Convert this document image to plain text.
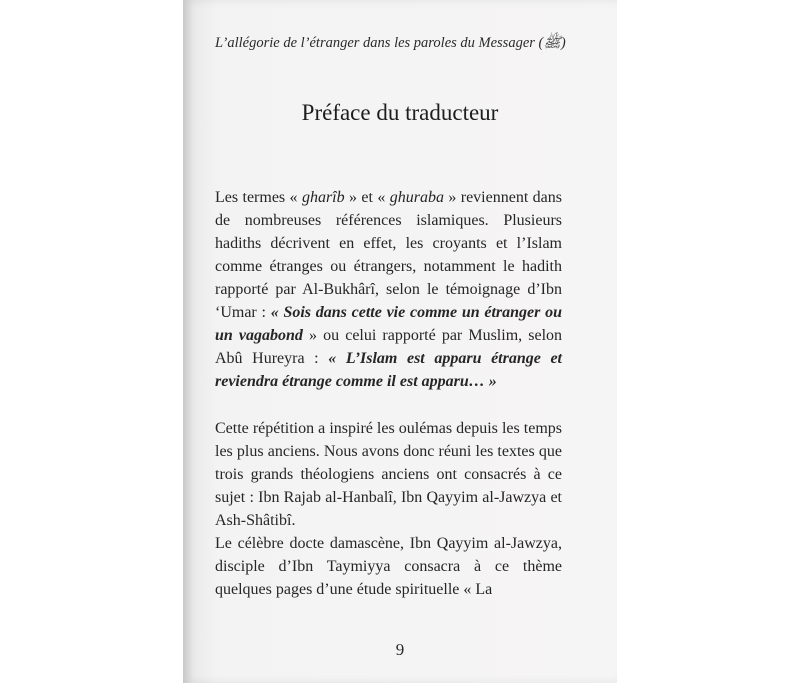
L’allégorie de l’étranger dans les paroles du Messager (ﷺ)
Préface du traducteur

Les termes « gharîb » et « ghuraba » reviennent dans de nombreuses références islamiques. Plusieurs hadiths décrivent en effet, les croyants et l’Islam comme étranges ou étrangers, notamment le hadith rapporté par Al-Bukhârî, selon le témoignage d’Ibn ‘Umar : « Sois dans cette vie comme un étranger ou un vagabond » ou celui rapporté par Muslim, selon Abû Hureyra : « L’Islam est apparu étrange et reviendra étrange comme il est apparu… »

Cette répétition a inspiré les oulémas depuis les temps les plus anciens. Nous avons donc réuni les textes que trois grands théologiens anciens ont consacrés à ce sujet : Ibn Rajab al-Hanbalî, Ibn Qayyim al-Jawzya et Ash-Shâtibî.

Le célèbre docte damascène, Ibn Qayyim al-Jawzya, disciple d’Ibn Taymiyya consacra à ce thème quelques pages d’une étude spirituelle « La

9
